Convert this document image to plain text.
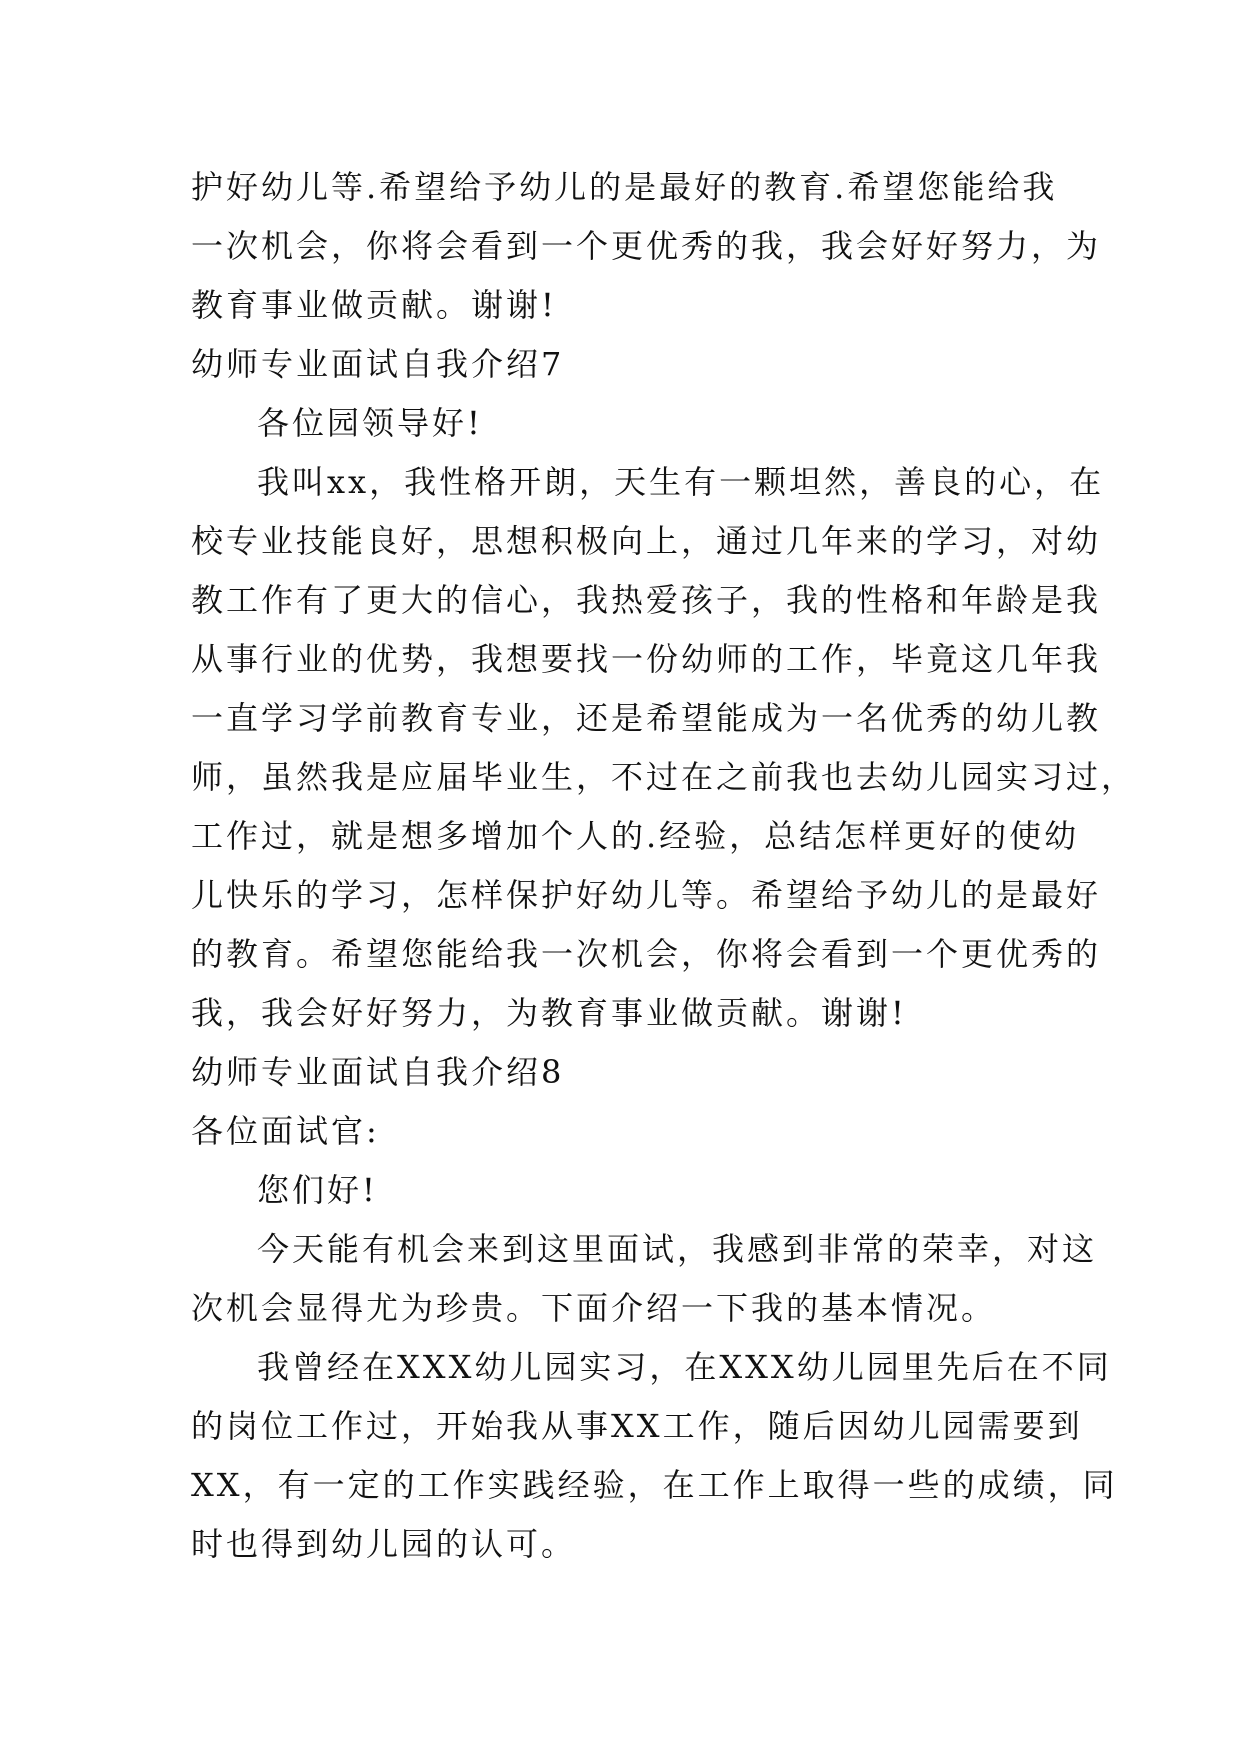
护好幼儿等.希望给予幼儿的是最好的教育.希望您能给我
一次机会，你将会看到一个更优秀的我，我会好好努力，为
教育事业做贡献。谢谢!
幼师专业面试自我介绍7
各位园领导好!
我叫xx，我性格开朗，天生有一颗坦然，善良的心，在
校专业技能良好，思想积极向上，通过几年来的学习，对幼
教工作有了更大的信心，我热爱孩子，我的性格和年龄是我
从事行业的优势，我想要找一份幼师的工作，毕竟这几年我
一直学习学前教育专业，还是希望能成为一名优秀的幼儿教
师，虽然我是应届毕业生，不过在之前我也去幼儿园实习过，
工作过，就是想多增加个人的.经验，总结怎样更好的使幼
儿快乐的学习，怎样保护好幼儿等。希望给予幼儿的是最好
的教育。希望您能给我一次机会，你将会看到一个更优秀的
我，我会好好努力，为教育事业做贡献。谢谢!
幼师专业面试自我介绍8
各位面试官:
您们好!
今天能有机会来到这里面试，我感到非常的荣幸，对这
次机会显得尤为珍贵。下面介绍一下我的基本情况。
我曾经在XXX幼儿园实习，在XXX幼儿园里先后在不同
的岗位工作过，开始我从事XX工作，随后因幼儿园需要到
XX，有一定的工作实践经验，在工作上取得一些的成绩，同
时也得到幼儿园的认可。
